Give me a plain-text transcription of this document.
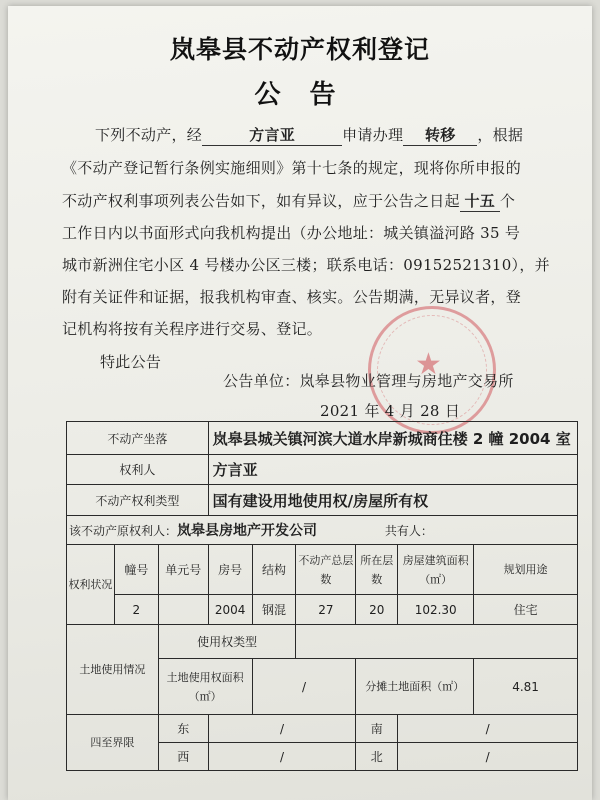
岚皋县不动产权利登记
公 告
下列不动产，经	方言亚	申请办理 转移 ，根据
《不动产登记暂行条例实施细则》第十七条的规定，现将你所申报的
不动产权利事项列表公告如下，如有异议，应于公告之日起 十五 个
工作日内以书面形式向我机构提出（办公地址：城关镇溢河路 35 号
城市新洲住宅小区 4 号楼办公区三楼；联系电话：09152521310），并
附有关证件和证据，报我机构审查、核实。公告期满，无异议者，登
记机构将按有关程序进行交易、登记。
特此公告	★
公告单位：岚皋县物业管理与房地产交易所
2021 年 4 月 28 日
不动产坐落			岚皋县城关镇河滨大道水岸新城商住楼 2 幢 2004 室					
权利人			方言亚					
不动产权利类型			国有建设用地使用权/房屋所有权					
该不动产原权利人：岚皋县房地产开发公司 共有人：								
权利状况	幢号	单元号	房号	结构	不动产总层数	所在层数	房屋建筑面积（㎡）	规划用途
	2		2004	钢混	27	20	102.30	住宅
土地使用情况		使用权类型						
		土地使用权面积（㎡）		/		分摊土地面积（㎡）		4.81
四至界限		东	/			南	/	
		西	/			北	/	
